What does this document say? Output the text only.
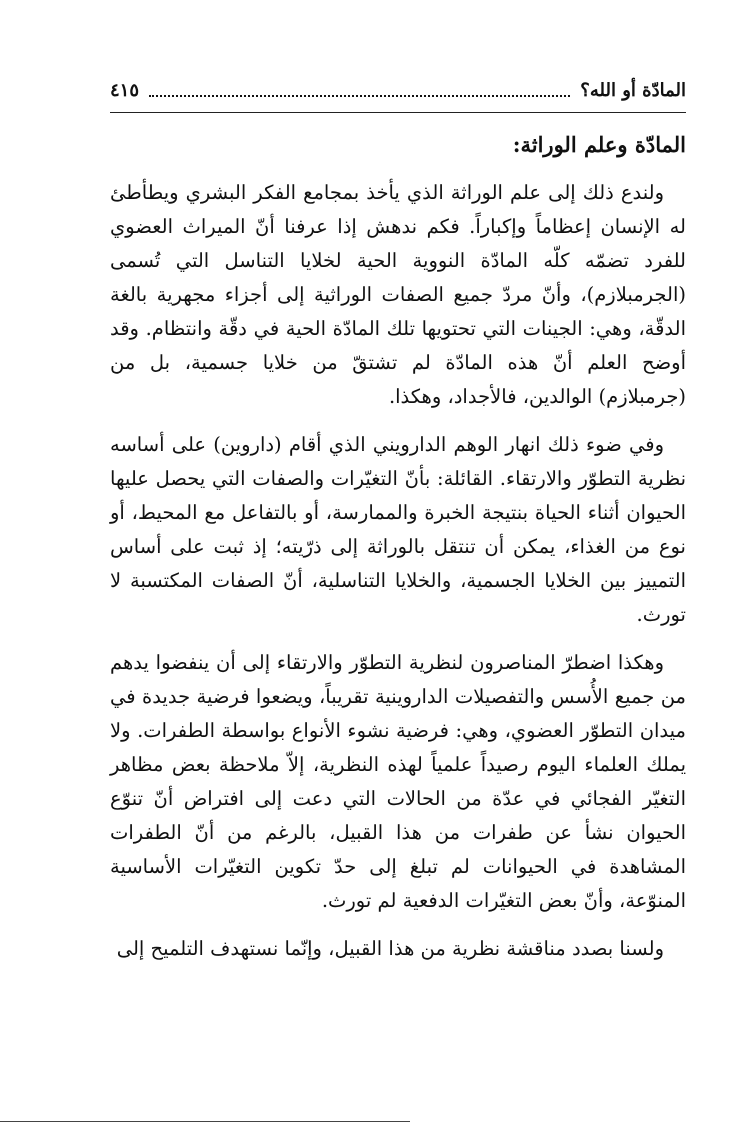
المادّة أو الله؟
٤١٥
المادّة وعلم الوراثة:

ولندع ذلك إلى علم الوراثة الذي يأخذ بمجامع الفكر البشري ويطأطئ له الإنسان إعظاماً وإكباراً. فكم ندهش إذا عرفنا أنّ الميراث العضوي للفرد تضمّه كلّه المادّة النووية الحية لخلايا التناسل التي تُسمى (الجرمبلازم)، وأنّ مردّ جميع الصفات الوراثية إلى أجزاء مجهرية بالغة الدقّة، وهي: الجينات التي تحتويها تلك المادّة الحية في دقّة وانتظام. وقد أوضح العلم أنّ هذه المادّة لم تشتقّ من خلايا جسمية، بل من (جرمبلازم) الوالدين، فالأجداد، وهكذا.

وفي ضوء ذلك انهار الوهم الدارويني الذي أقام (داروين) على أساسه نظرية التطوّر والارتقاء. القائلة: بأنّ التغيّرات والصفات التي يحصل عليها الحيوان أثناء الحياة بنتيجة الخبرة والممارسة، أو بالتفاعل مع المحيط، أو نوع من الغذاء، يمكن أن تنتقل بالوراثة إلى ذرّيته؛ إذ ثبت على أساس التمييز بين الخلايا الجسمية، والخلايا التناسلية، أنّ الصفات المكتسبة لا تورث.

وهكذا اضطرّ المناصرون لنظرية التطوّر والارتقاء إلى أن ينفضوا يدهم من جميع الأُسس والتفصيلات الداروينية تقريباً، ويضعوا فرضية جديدة في ميدان التطوّر العضوي، وهي: فرضية نشوء الأنواع بواسطة الطفرات. ولا يملك العلماء اليوم رصيداً علمياً لهذه النظرية، إلاّ ملاحظة بعض مظاهر التغيّر الفجائي في عدّة من الحالات التي دعت إلى افتراض أنّ تنوّع الحيوان نشأ عن طفرات من هذا القبيل، بالرغم من أنّ الطفرات المشاهدة في الحيوانات لم تبلغ إلى حدّ تكوين التغيّرات الأساسية المنوّعة، وأنّ بعض التغيّرات الدفعية لم تورث.

ولسنا بصدد مناقشة نظرية من هذا القبيل، وإنّما نستهدف التلميح إلى
